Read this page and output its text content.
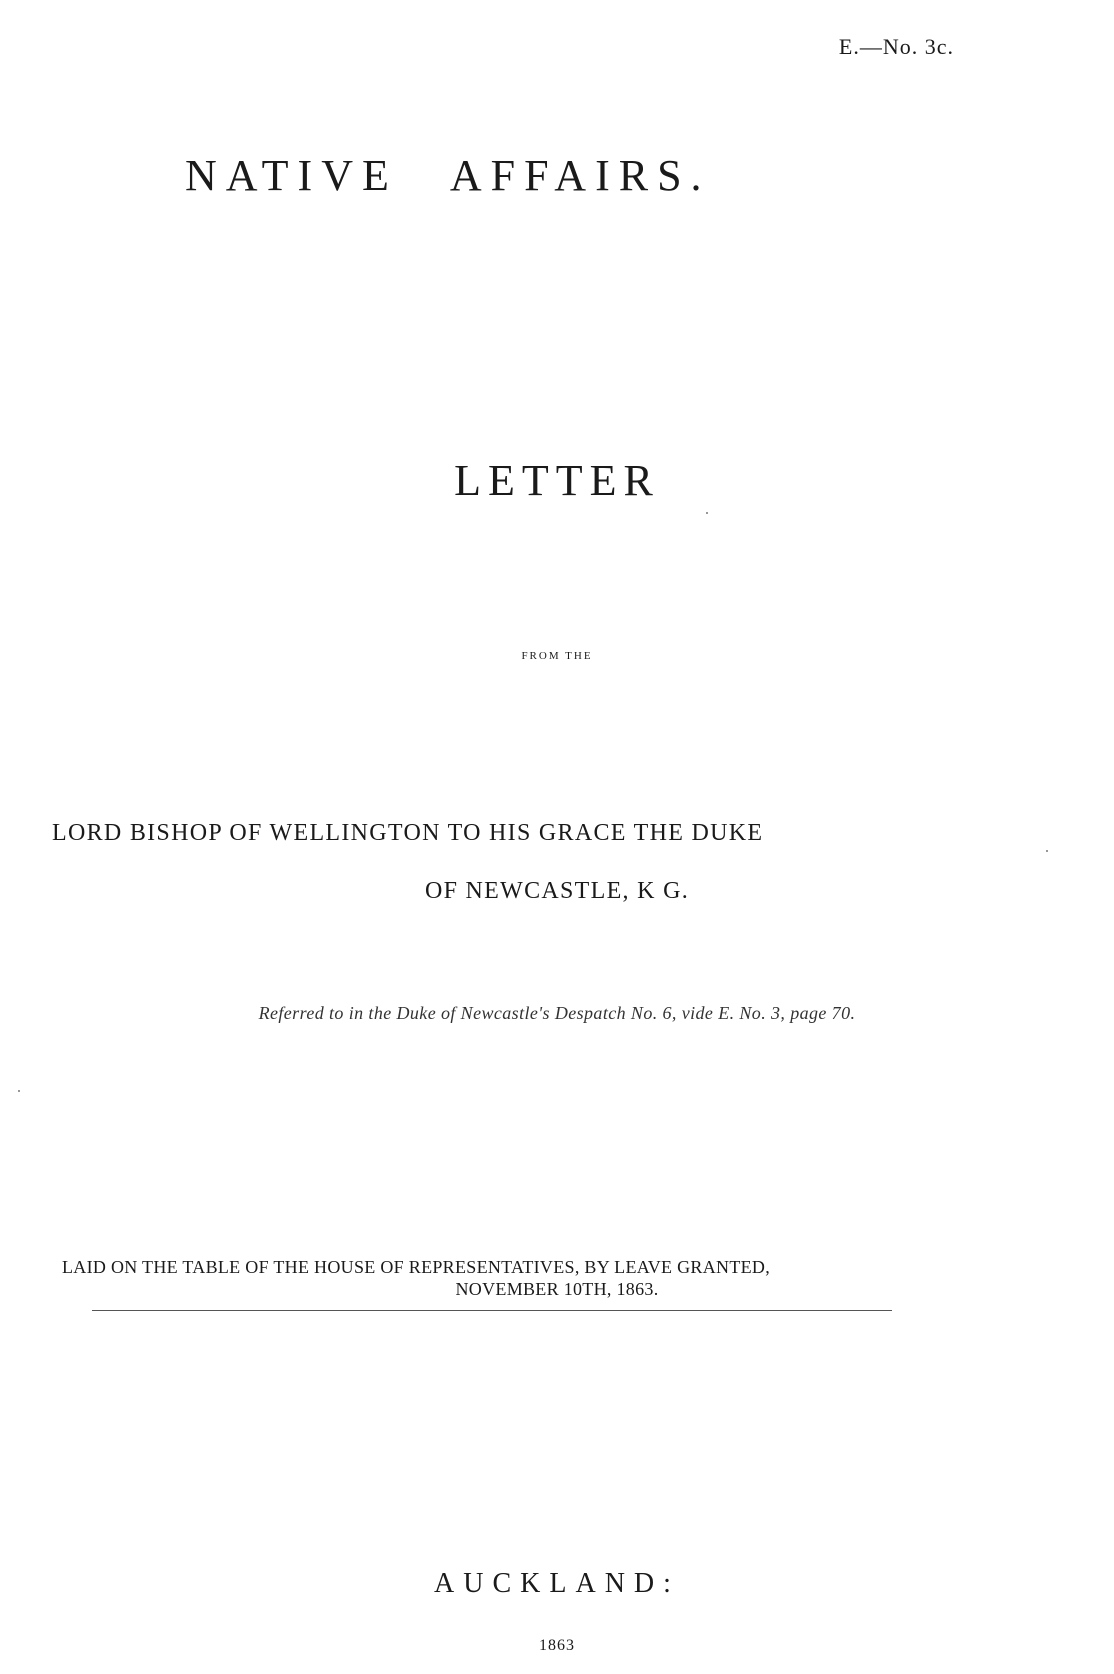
E.—No. 3c.
NATIVE AFFAIRS.
LETTER
FROM THE
LORD BISHOP OF WELLINGTON TO HIS GRACE THE DUKE
OF NEWCASTLE, K G.
Referred to in the Duke of Newcastle's Despatch No. 6, vide E. No. 3, page 70.
LAID ON THE TABLE OF THE HOUSE OF REPRESENTATIVES, BY LEAVE GRANTED,
NOVEMBER 10TH, 1863.
AUCKLAND:
1863
